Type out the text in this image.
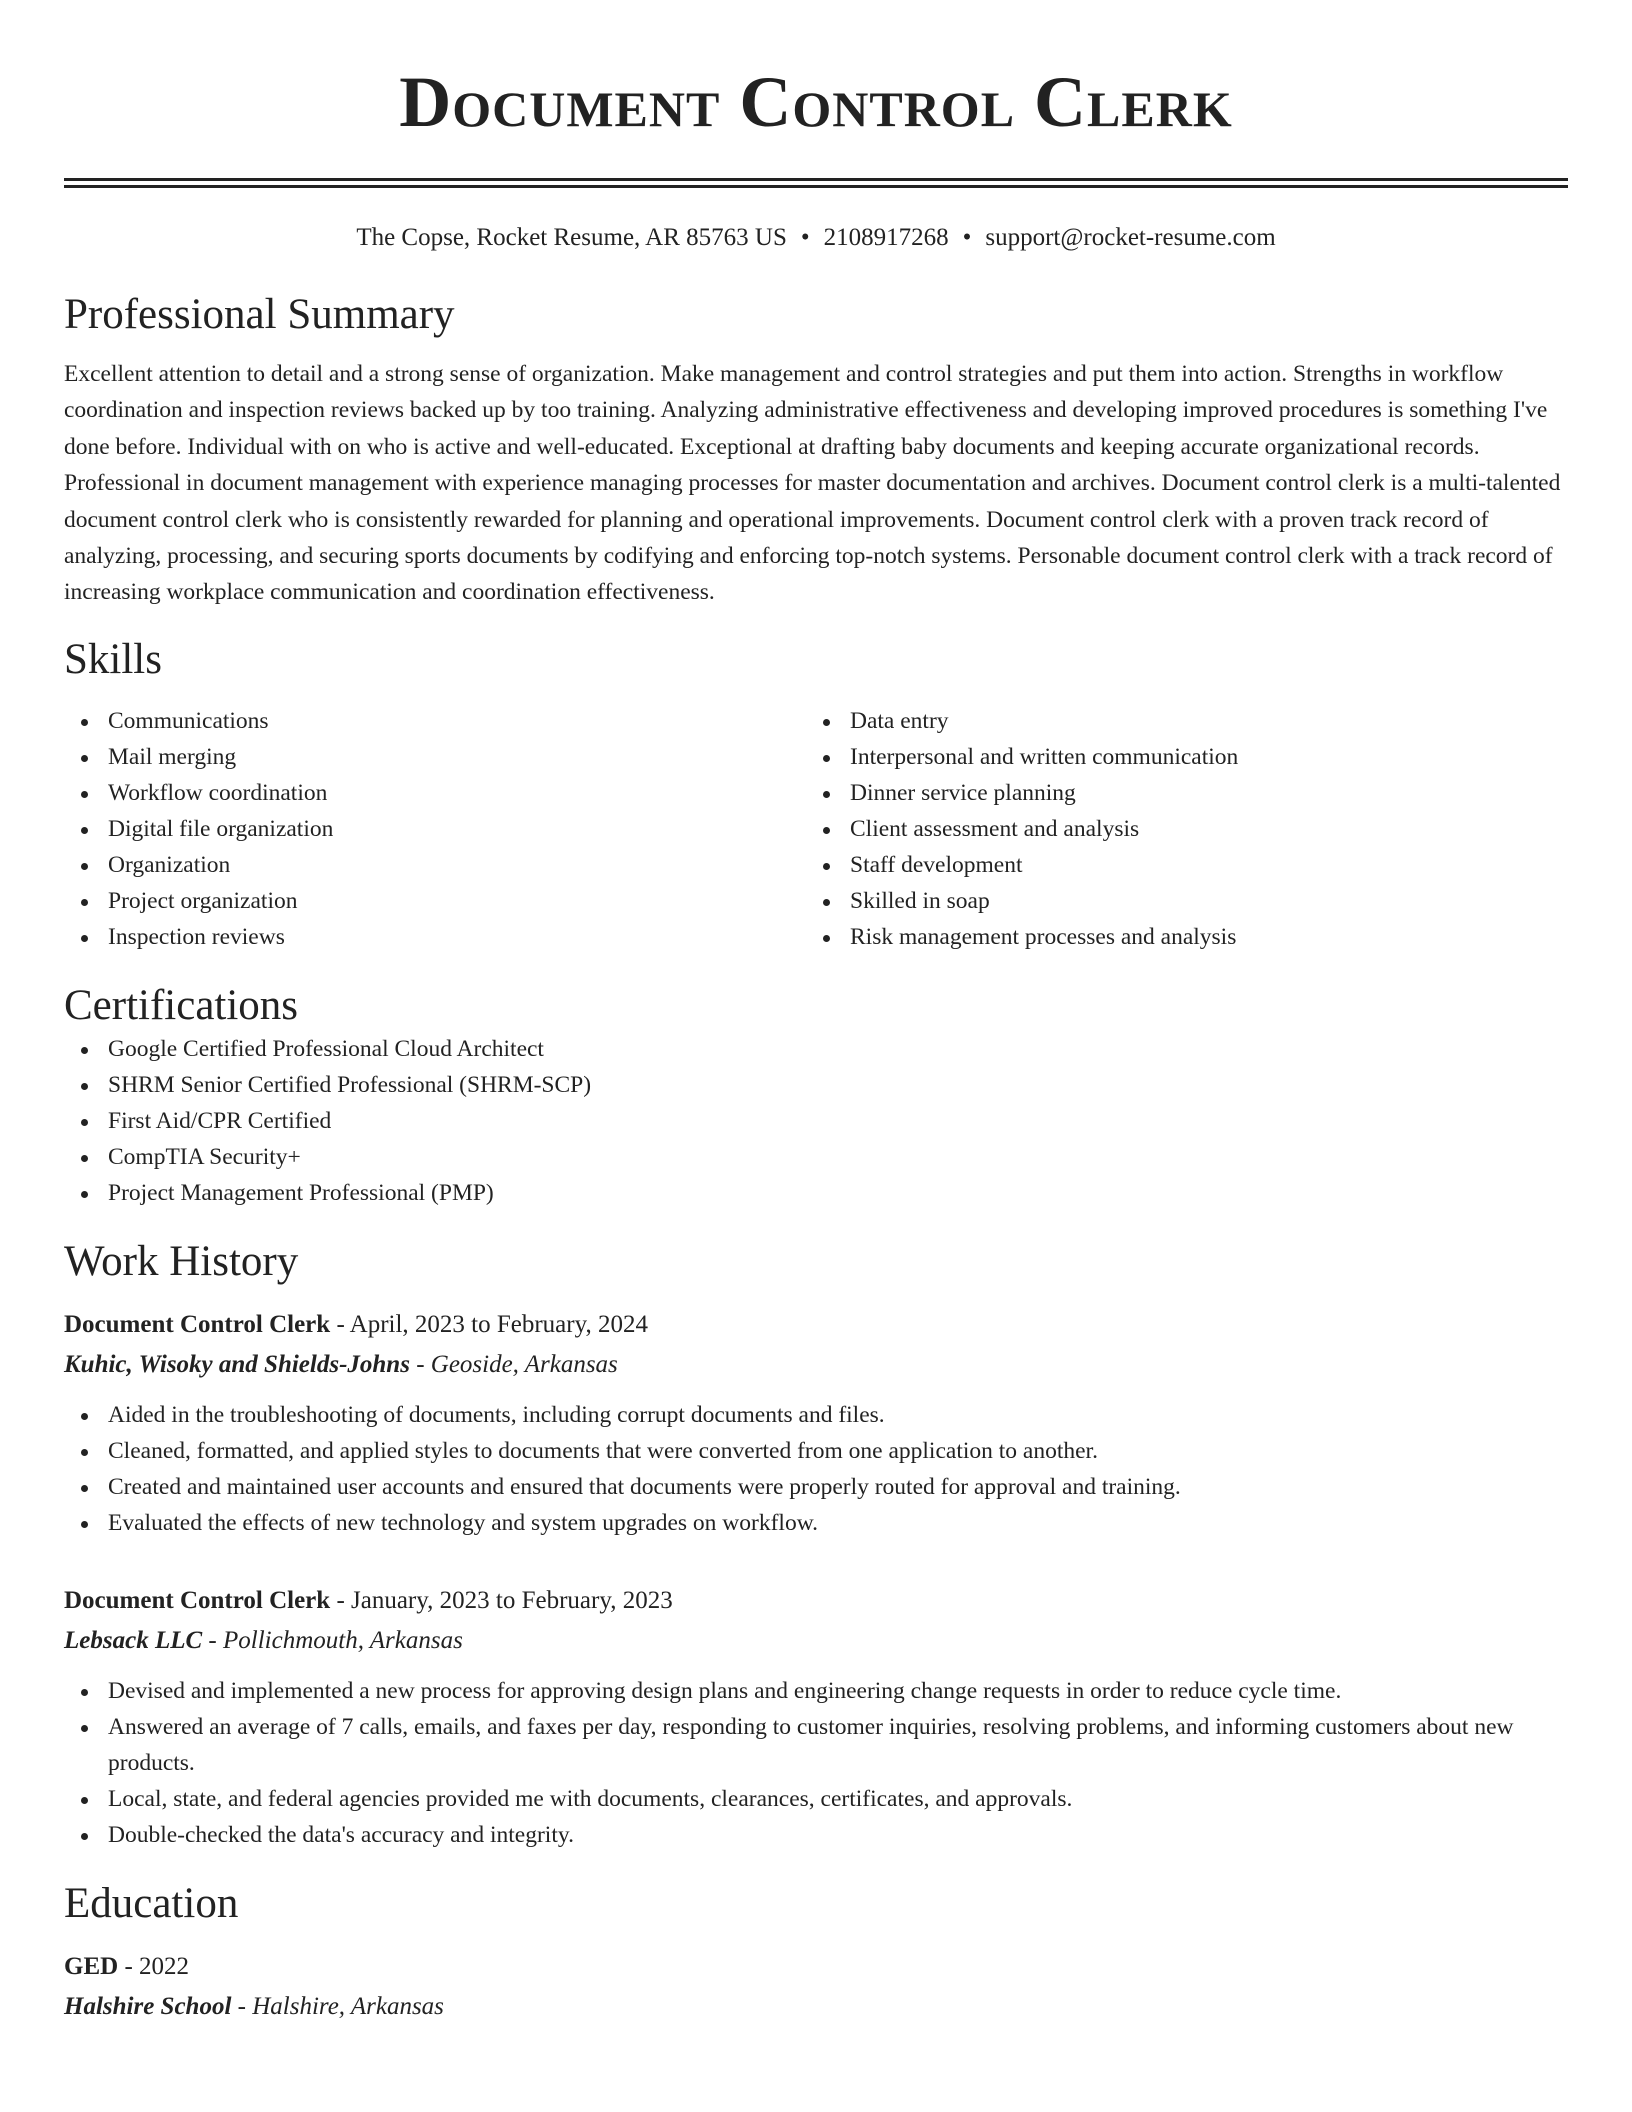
Document Control Clerk
The Copse, Rocket Resume, AR 85763 US • 2108917268 • support@rocket-resume.com
Professional Summary
Excellent attention to detail and a strong sense of organization. Make management and control strategies and put them into action. Strengths in workflow coordination and inspection reviews backed up by too training. Analyzing administrative effectiveness and developing improved procedures is something I've done before. Individual with on who is active and well-educated. Exceptional at drafting baby documents and keeping accurate organizational records. Professional in document management with experience managing processes for master documentation and archives. Document control clerk is a multi-talented document control clerk who is consistently rewarded for planning and operational improvements. Document control clerk with a proven track record of analyzing, processing, and securing sports documents by codifying and enforcing top-notch systems. Personable document control clerk with a track record of increasing workplace communication and coordination effectiveness.
Skills
Communications
Mail merging
Workflow coordination
Digital file organization
Organization
Project organization
Inspection reviews
Data entry
Interpersonal and written communication
Dinner service planning
Client assessment and analysis
Staff development
Skilled in soap
Risk management processes and analysis
Certifications
Google Certified Professional Cloud Architect
SHRM Senior Certified Professional (SHRM-SCP)
First Aid/CPR Certified
CompTIA Security+
Project Management Professional (PMP)
Work History
Document Control Clerk - April, 2023 to February, 2024
Kuhic, Wisoky and Shields-Johns - Geoside, Arkansas
Aided in the troubleshooting of documents, including corrupt documents and files.
Cleaned, formatted, and applied styles to documents that were converted from one application to another.
Created and maintained user accounts and ensured that documents were properly routed for approval and training.
Evaluated the effects of new technology and system upgrades on workflow.
Document Control Clerk - January, 2023 to February, 2023
Lebsack LLC - Pollichmouth, Arkansas
Devised and implemented a new process for approving design plans and engineering change requests in order to reduce cycle time.
Answered an average of 7 calls, emails, and faxes per day, responding to customer inquiries, resolving problems, and informing customers about new products.
Local, state, and federal agencies provided me with documents, clearances, certificates, and approvals.
Double-checked the data's accuracy and integrity.
Education
GED - 2022
Halshire School - Halshire, Arkansas
